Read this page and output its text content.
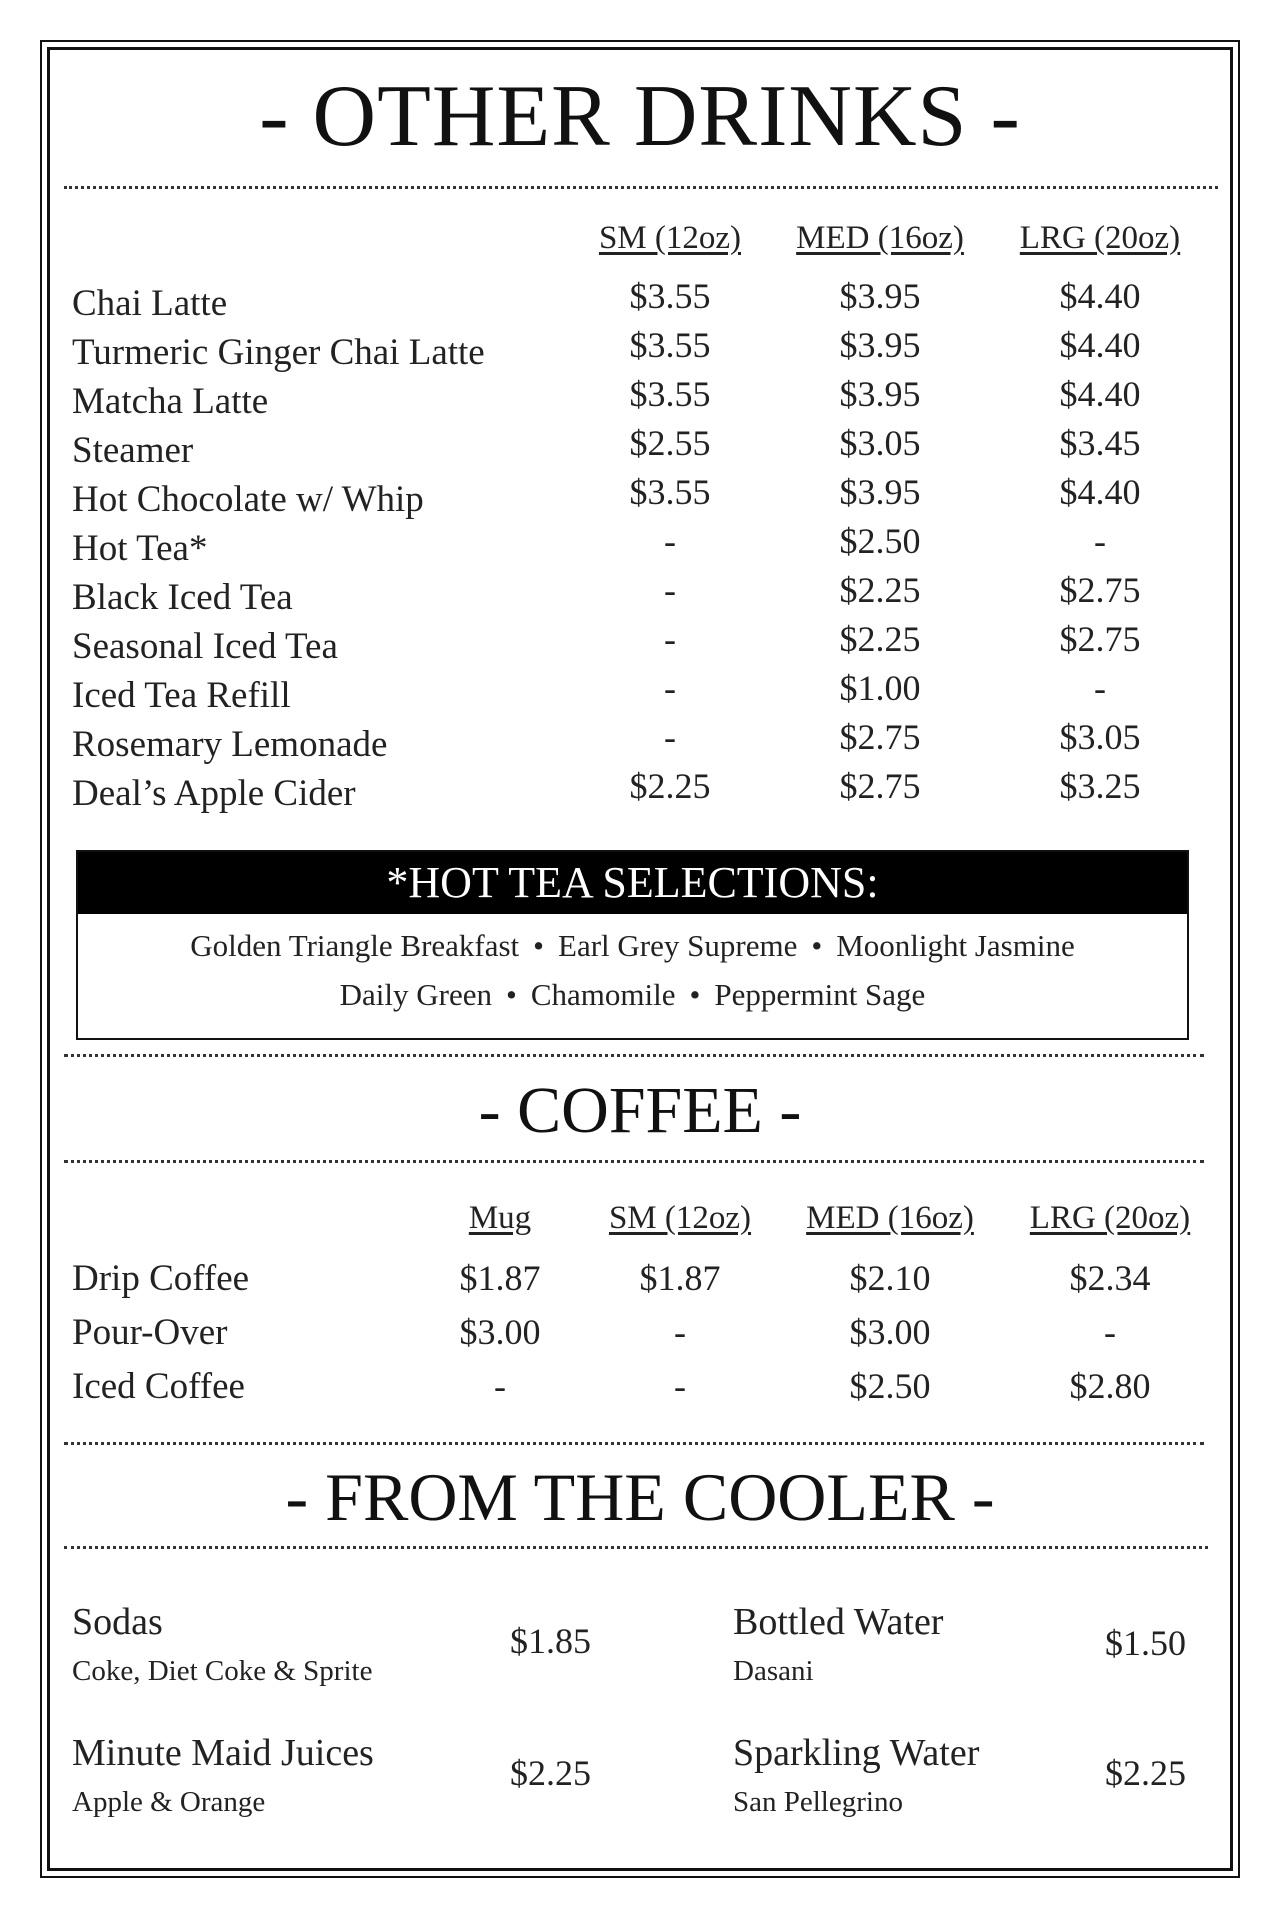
- OTHER DRINKS -
SM (12oz)	MED (16oz)	LRG (20oz)
Chai Latte	$3.55	$3.95	$4.40
Turmeric Ginger Chai Latte	$3.55	$3.95	$4.40
Matcha Latte	$3.55	$3.95	$4.40
Steamer	$2.55	$3.05	$3.45
Hot Chocolate w/ Whip	$3.55	$3.95	$4.40
Hot Tea*	-	$2.50	-
Black Iced Tea	-	$2.25	$2.75
Seasonal Iced Tea	-	$2.25	$2.75
Iced Tea Refill	-	$1.00	-
Rosemary Lemonade	-	$2.75	$3.05
Deal’s Apple Cider	$2.25	$2.75	$3.25
*HOT TEA SELECTIONS:
Golden Triangle Breakfast • Earl Grey Supreme • Moonlight Jasmine
Daily Green • Chamomile • Peppermint Sage
- COFFEE -
Mug	SM (12oz)	MED (16oz)	LRG (20oz)
Drip Coffee	$1.87	$1.87	$2.10	$2.34
Pour-Over	$3.00	-	$3.00	-
Iced Coffee	-	-	$2.50	$2.80
- FROM THE COOLER -
Sodas
Coke, Diet Coke & Sprite
$1.85	Bottled Water
Dasani
$1.50
Minute Maid Juices
Apple & Orange
$2.25	Sparkling Water
San Pellegrino
$2.25
